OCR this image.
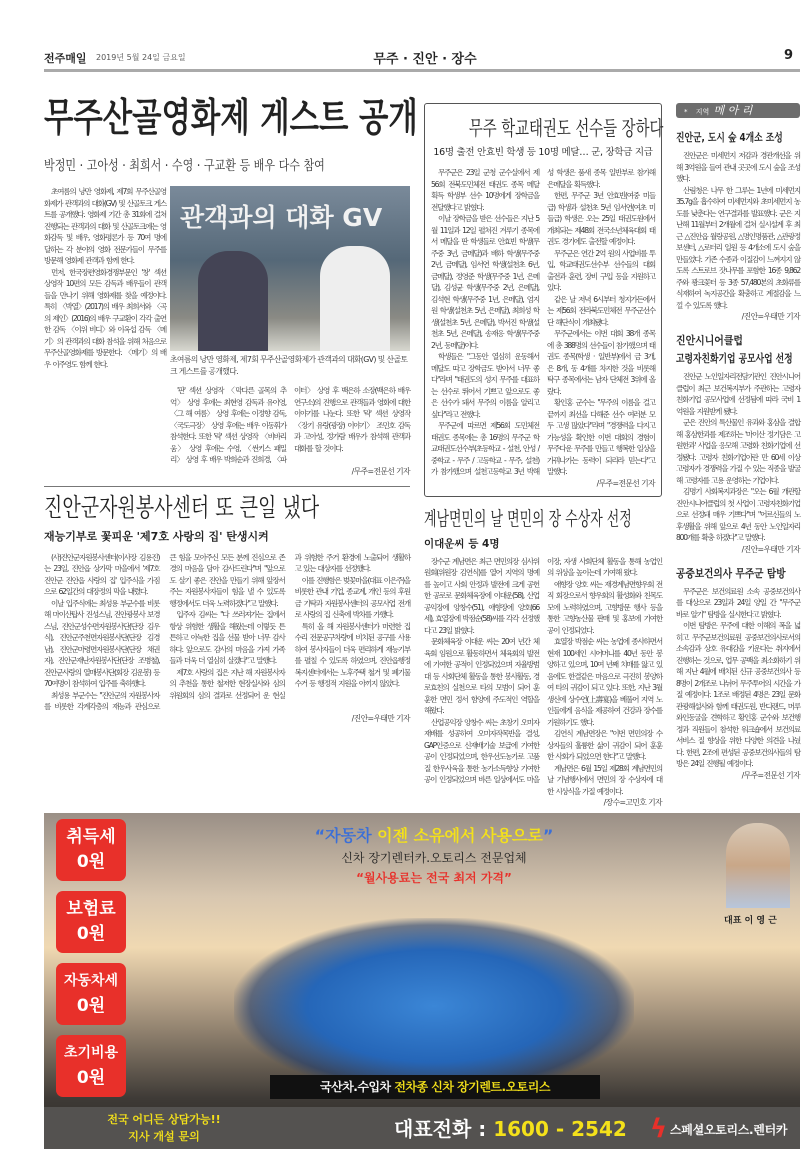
전주매일 2019년 5월 24일 금요일	무주 · 진안 · 장수	9
무주산골영화제 게스트 공개
박정민 · 고아성 · 최희서 · 수영 · 구교환 등 배우 다수 참여

초여름의 낭만 영화제, 제7회 무주산골영화제가 관객과의 대화(GV) 및 산골토크 게스트를 공개했다. 영화제 기간 총 31회에 걸쳐 진행되는 관객과의 대화 및 산골토크에는 영화감독 및 배우, 영화평론가 등 70여 명에 달하는 각 분야의 영화 전문가들이 무주를 방문해 영화제 관객과 함께 한다.

먼저, 한국장편영화경쟁부문인 '창' 섹션 상영작 10편의 모든 감독과 배우들이 관객들을 만나기 위해 영화제를 찾을 예정이다. 특히 〈박열〉(2017)의 배우 최희서와 〈곡의 제인〉(2016)의 배우 구교환이 각각 출연한 감독 〈이위 비디〉와 이옥섭 감독 〈메기〉의 관객과의 대화 참석을 위해 처음으로 무주산골영화제를 방문한다. 〈메기〉의 배우 이주영도 함께 한다.

관객과의 대화 GV
초여름의 낭만 영화제, 제7회 무주산골영화제가 관객과의 대화(GV) 및 산골토크 게스트를 공개했다.

'판' 섹션 상영작 〈막다른 골목의 추억〉 상영 후에는 최현영 감독과 유이영, 〈그 해 여름〉 상영 후에는 이정향 감독, 〈국도극장〉 상영 후에는 배우 이동휘가 참석한다. 또한 '락' 섹션 상영작 〈비바리움〉 상영 후에는 수영, 〈썬키스 패밀리〉 상영 후 배우 박희순과 진희경, 〈파이터〉 상영 후 백은하 소장(백은하 배우연구소)의 진행으로 관객들과 영화에 대한 이야기를 나눈다. 또한 '락' 섹션 상영작 〈장기 유랑(광장) 이야기〉 조민호 감독과 고아성, 정가람 배우가 참석해 관객과 대화를 할 것이다.

/무주=전문선 기자
진안군자원봉사센터 또 큰일 냈다
재능기부로 꽃피운 '제7호 사랑의 집' 탄생시켜

(사)진안군자원봉사센터(이사장 김용진)는 23일, 진안읍 상가막 마을에서 '제7호 진안군 진안읍 사랑의 집' 입주식을 가짐으로 62일간의 대장정의 막을 내렸다.

이날 입주식에는 최성용 부군수를 비롯해 마이산탑사 진성스님, 진안광봉사 보경스님, 진안군성수면자원봉사단(단장 김우식), 진안군주천면자원봉사단(단장 김경남), 진안군마령면자원봉사단(단장 채권자), 진안군재난자원봉사단(단장 조병철), 진안군사랑의 열매봉사단(회장 김운봉) 등 70여명이 참석하여 입주를 축하했다.

최성용 부군수는 "진안군의 자원봉사자를 비롯한 각계각층의 재능과 관심으로 큰 힘을 모아주신 모든 분께 진심으로 존경의 마음을 담아 감사드린다"며 "앞으로도 살기 좋은 진안을 만들기 위해 앞장서 주는 자원봉사자들이 힘을 낼 수 있도록 행정에서도 더욱 노력하겠다"고 말했다.

입주자 김씨는 "다 쓰러져가는 집에서 항상 위험한 생활을 해왔는데 이렇듯 튼튼하고 아늑한 집을 선물 받아 너무 감사하다. 앞으로도 감사의 마음을 가져 가족들과 더욱 더 열심히 살겠다"고 말했다.

제7호 사랑의 집은 지난 해 자원봉사자의 추천을 통한 철저한 현장실사와 심의위원회의 심의 결과로 선정되어 운 현실과 위험한 주거 환경에 노출되어 생활하고 있는 대상자를 선정했다.

이를 진행함은 벚꽃마을(대표 이은주)을 비롯한 관내 기업, 종교계, 개인 등의 후원금 기탁과 자원봉사센터의 공모사업 전개로 사랑의 집 신축에 박차를 가했다.

특히 올 해 자원봉사센터가 마련한 집수리 전문공구차량에 비치된 공구를 사용하여 봉사자들이 더욱 편리하게 재능기부를 펼칠 수 있도록 하였으며, 진안읍행정복지센터에서는 노후주택 철거 및 폐기물 수거 등 행정적 지원을 아끼지 않았다.

/진안=우태만 기자
무주 학교태권도 선수들 장하다
16명 출전 안효빈 학생 등 10명 메달… 군, 장학금 지급

무주군은 23일 군청 군수실에서 제56회 전북도민체전 태권도 종목 메달 획득 학생부 선수 10명에게 장학금을 전달했다고 밝혔다.

이날 장학금을 받은 선수들은 지난 5월 11일과 12일 펼쳐진 겨루기 종목에서 메달을 딴 학생들로 안효빈 학생(무주중 3년, 금메달)과 배하 학생(무주중 2년, 금메달), 임서연 학생(설천초 6년, 금메달), 정영준 학생(무주중 1년, 은메달), 김성균 학생(무주중 2년, 은메달), 김석현 학생(무주중 1년, 은메달), 엄지원 학생(설천초 5년, 은메달), 최희성 학생(설천초 5년, 은메달), 박서진 학생(설천초 5년, 은메달), 송재응 학생(무주중 2년, 동메달)이다.

학생들은 "그동안 열심히 운동해서 메달도 따고 장학금도 받아서 너무 좋다"라며 "태권도의 성지 무주를 대표하는 선수로 뛰어서 기쁘고 앞으로도 좋은 선수가 돼서 무주의 이름을 알리고 싶다"라고 전했다.

무주군에 따르면 제56회 도민체전 태권도 종목에는 총 16명의 무주군 학교태권도선수부(초등학교 - 설천, 안성 / 중학교 - 무주 / 고등학교 - 무주, 설천)가 참가했으며 설천고등학교 3년 박해성 학생은 품새 종목 일반부로 참가해 은메달을 획득했다.

한편, 무주군 3년 안효빈(여중 미들급) 학생과 설천초 5년 임서연(여초 미들급) 학생은 오는 25일 태권도원에서 개최되는 제48회 전국소년체육대회 태권도 경기에도 출전할 예정이다.

무주군은 연간 2억 원의 사업비를 투입, 학교태권도선수부 선수들의 대회 출전과 훈련, 장비 구입 등을 지원하고 있다.

같은 날 저녁 6시부터 청지가든에서는 제56회 전라북도민체전 무주군선수단 해단식이 개최됐다.

무주군에서는 이번 대회 38개 종목에 총 388명의 선수들이 참가했으며 태권도 종목(학생 · 일반부)에서 금 3개, 은 8개, 동 4개를 차지한 것을 비롯해 탁구 종목에서는 남자 단체전 3위에 올랐다.

황인홍 군수는 "무주의 이름을 걸고 끝까지 최선을 다해준 선수 여러분 모두 고생 많았다"라며 "경쟁력을 다지고 가능성을 확인한 이번 대회의 경험이 무주다운 무주를 만들고 행복한 일상을 가꿔나가는 동력이 되리라 믿는다"고 말했다.

/무주=전문선 기자
계남면민의 날 면민의 장 수상자 선정
이대운씨 등 4명

장수군 계남면은 최근 면민의장 심사위원회(위원장 김연식)를 열어 지역의 명예를 높이고 사회 안정과 발전에 크게 공헌한 공로로 문화체육장에 이대운(58), 산업공익장에 양창수(51), 애향장에 양호(66세), 효열장에 박점순(58)씨를 각각 선정했다고 23일 밝혔다.

문화체육장 이대운 씨는 20여 년간 체육회 임원으로 활동하면서 체육회의 발전에 기여한 공적이 인정되었으며 자율방범대 등 사회단체 활동을 통한 봉사활동, 경로효친의 실천으로 타의 모범이 되어 훈훈한 면민 정서 함양에 주도적인 역할을 해왔다.

산업공익장 양창수 씨는 초창기 오미자재배를 성공하여 오미자작목반을 결성, GAP인증으로 신재배기술 보급에 기여한 공이 인정되었으며, 한우선도농가로 고품질 한우사육을 통한 농가소득향상 기여한 공이 인정되었으며 바른 일상에서도 마을 이장, 자생 사회단체 활동을 통해 농업인의 위상을 높이는데 기여해 왔다.

애향장 양호 씨는 재경계남면향우회 전직 회장으로서 향우회의 활성화와 친목도모에 노력하였으며, 고향방문 행사 등을 통한 고향농산물 판매 및 홍보에 기여한 공이 인정되었다.

효열장 박점순 씨는 농업에 종사하면서 현재 100세인 시어머니를 40년 동안 봉양하고 있으며, 10여 년째 치매를 앓고 있음에도 한결같은 마음으로 극진히 봉양하여 타의 귀감이 되고 있다. 또한, 지난 3월 생신에 상수연(上壽宴)을 베풀어 지역 노인들에게 음식을 제공하여 건강과 장수를 기원하기도 했다.

김연식 계남면장은 "이번 면민의장 수상자들의 훌륭한 삶이 귀감이 되어 훈훈한 사회가 되었으면 한다"고 말했다.

계남면은 6월 15일 제28회 계남면민의 날 기념행사에서 면민의 장 수상자에 대한 시상식을 가질 예정이다.

/장수=고민호 기자
* 지역 메 아 리
진안군, 도시 숲 4개소 조성

진안군은 미세먼지 저감과 경관개선을 위해 3억원을 들여 관내 곳곳에 도시 숲을 조성했다.

산림청은 나무 한 그루는 1년에 미세먼지 35.7g을 흡수하여 미세먼지와 초미세먼지 농도를 낮춘다는 연구결과를 발표했다. 군은 지난해 11월부터 2개월에 걸쳐 실시설계 후 최근 △진안읍 월랑공원, △명인명품관, △관광정보센터, △로터리 일원 등 4개소에 도시 숲을 만들었다. 기존 수종과 이질감이 느껴지지 않도록 스트로브 잣나무를 포함한 16종 9,862주와 꽝크꽃터 등 3종 57,480본의 초화류를 식재하여 녹지공간을 확충하고 계절감을 느낄 수 있도록 했다.

/진안=우태만 기자
진안시니어클럽
고령자친화기업 공모사업 선정

진안군 노인일자리전담기관인 진안시니어클럽이 최근 보건복지부가 주관하는 고령자친화기업 공모사업에 선정됨에 따라 국비 1억원을 지원받게 됐다.

군은 진안의 특산물인 유과와 홍삼을 결합해 홍삼한과를 제조하는 '마이산 정기담은 고원한과' 사업을 응모해 고령화 친화기업에 선정됐다. 고령자 친화기업이란 만 60세 이상 고령자가 경쟁력을 가질 수 있는 직종을 발굴해 고령자를 고용 운영하는 기업이다.

김명기 사회복지과장은 "오는 6월 개관할 진안시니어클럽의 첫 사업이 고령자친화기업으로 선정돼 매우 기쁘다"며 "어르신들의 노후생활을 위해 앞으로 4년 동안 노인일자리 800개를 확충 하겠다"고 말했다.

/진안=우태만 기자
공중보건의사 무주군 탐방

무주군은 보건의료원 소속 공중보건의사를 대상으로 23일과 24일 양일 간 "무주군 바로 알기" 탐방을 실시한다고 밝혔다.

이번 탐방은 무주에 대한 이해의 폭을 넓히고 무주군보건의료원 공중보건의사로서의 소속감과 상호 유대감을 키운다는 취지에서 진행하는 것으로, 업무 공백을 최소화하기 위해 지난 4월에 배치된 신규 공중보건의사 등 8명이 2개조로 나뉘어 무주투어의 시간을 가질 예정이다. 1조로 배정된 4명은 23일 문화관광해설사와 함께 태권도원, 반디랜드, 머루와인동굴을 견학하고 황인홍 군수와 보건행정과 직원들이 참석한 워크숍에서 보건의료서비스 질 향상을 위한 다양한 의견을 나눴다. 한편, 2조에 편성된 공중보건의사들의 탐방은 24일 진행될 예정이다.

/무주=전문선 기자
대표 이 영 근
취득세
0원
보험료
0원
자동차세
0원
초기비용
0원
“자동차 이젠 소유에서 사용으로”
신차 장기렌터카.오토리스 전문업체
“월사용료는 전국 최저 가격”
국산차.수입차 전차종 신차 장기렌트.오토리스
전국 어디든 상담가능!!
지사 개설 문의	대표전화 : 1600 - 2542 ϟ 스페셜오토리스.렌터카
